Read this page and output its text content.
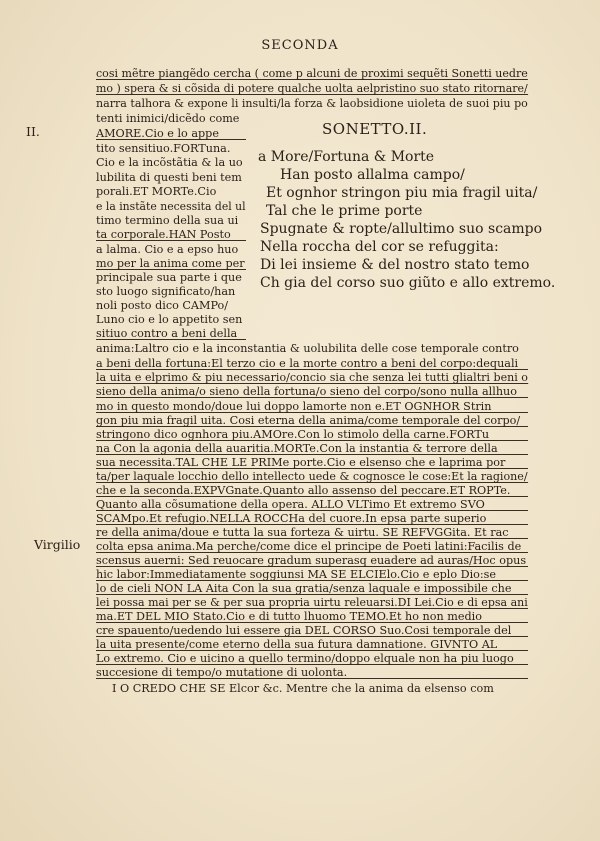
SECONDA
II.
Virgilio
cosi mẽtre piangẽdo cercha ( come p alcuni de proximi sequẽti Sonetti uedre
mo ) spera & si cõsida di potere qualche uolta aelpristino suo stato ritornare/
narra talhora & expone li insulti/la forza & laobsidione uioleta de suoi piu po
tenti inimici/dicẽdo come
AMORE.Cio e lo appe
tito sensitiuo.FORTuna.
Cio e la incõstãtia & la uo
lubilita di questi beni tem
porali.ET MORTe.Cio
e la instãte necessita del ul
timo termino della sua ui
ta corporale.HAN Posto
a lalma. Cio e a epso huo
mo per la anima come per
principale sua parte i que
sto luogo significato/han
noli posto dico CAMPo/
Luno cio e lo appetito sen
sitiuo contro a beni della
SONETTO.II.
a More/Fortuna & Morte
Han posto allalma campo/
Et ognhor stringon piu mia fragil uita/
Tal che le prime porte
Spugnate & ropte/allultimo suo scampo
Nella roccha del cor se refuggita:
Di lei insieme & del nostro stato temo
Ch gia del corso suo giũto e allo extremo.
anima:Laltro cio e la inconstantia & uolubilita delle cose temporale contro
a beni della fortuna:El terzo cio e la morte contro a beni del corpo:dequali
la uita e elprimo & piu necessario/concio sia che senza lei tutti glialtri beni o
sieno della anima/o sieno della fortuna/o sieno del corpo/sono nulla allhuo
mo in questo mondo/doue lui doppo lamorte non e.ET OGNHOR Strin
gon piu mia fragil uita. Cosi eterna della anima/come temporale del corpo/
stringono dico ognhora piu.AMOre.Con lo stimolo della carne.FORTu
na Con la agonia della auaritia.MORTe.Con la instantia & terrore della
sua necessita.TAL CHE LE PRIMe porte.Cio e elsenso che e laprima por
ta/per laquale locchio dello intellecto uede & cognosce le cose:Et la ragione/
che e la seconda.EXPVGnate.Quanto allo assenso del peccare.ET ROPTe.
Quanto alla cõsumatione della opera. ALLO VLTimo Et extremo SVO
SCAMpo.Et refugio.NELLA ROCCHa del cuore.In epsa parte superio
re della anima/doue e tutta la sua forteza & uirtu. SE REFVGGita. Et rac
colta epsa anima.Ma perche/come dice el principe de Poeti latini:Facilis de
scensus auerni: Sed reuocare gradum superasq euadere ad auras/Hoc opus
hic labor:Immediatamente soggiunsi MA SE ELCIElo.Cio e eplo Dio:se
lo de cieli NON LA Aita Con la sua gratia/senza laquale e impossibile che
lei possa mai per se & per sua propria uirtu releuarsi.DI Lei.Cio e di epsa ani
ma.ET DEL MIO Stato.Cio e di tutto lhuomo TEMO.Et ho non medio
cre spauento/uedendo lui essere gia DEL CORSO Suo.Cosi temporale del
la uita presente/come eterno della sua futura damnatione. GIVNTO AL
Lo extremo. Cio e uicino a quello termino/doppo elquale non ha piu luogo
succesione di tempo/o mutatione di uolonta.
I O CREDO CHE SE Elcor &c. Mentre che la anima da elsenso com
